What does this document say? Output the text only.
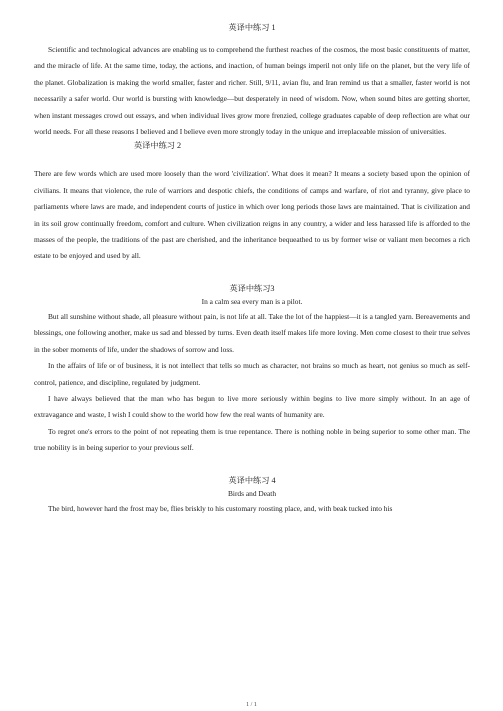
英译中练习 1

Scientific and technological advances are enabling us to comprehend the furthest reaches of the cosmos, the most basic constituents of matter, and the miracle of life. At the same time, today, the actions, and inaction, of human beings imperil not only life on the planet, but the very life of the planet. Globalization is making the world smaller, faster and richer. Still, 9/11, avian flu, and Iran remind us that a smaller, faster world is not necessarily a safer world. Our world is bursting with knowledge—but desperately in need of wisdom. Now, when sound bites are getting shorter, when instant messages crowd out essays, and when individual lives grow more frenzied, college graduates capable of deep reflection are what our world needs. For all these reasons I believed and I believe even more strongly today in the unique and irreplaceable mission of universities.

英译中练习 2

There are few words which are used more loosely than the word 'civilization'. What does it mean? It means a society based upon the opinion of civilians. It means that violence, the rule of warriors and despotic chiefs, the conditions of camps and warfare, of riot and tyranny, give place to parliaments where laws are made, and independent courts of justice in which over long periods those laws are maintained. That is civilization and in its soil grow continually freedom, comfort and culture. When civilization reigns in any country, a wider and less harassed life is afforded to the masses of the people, the traditions of the past are cherished, and the inheritance bequeathed to us by former wise or valiant men becomes a rich estate to be enjoyed and used by all.

英译中练习3

In a calm sea every man is a pilot.

But all sunshine without shade, all pleasure without pain, is not life at all. Take the lot of the happiest—it is a tangled yarn. Bereavements and blessings, one following another, make us sad and blessed by turns. Even death itself makes life more loving. Men come closest to their true selves in the sober moments of life, under the shadows of sorrow and loss.

In the affairs of life or of business, it is not intellect that tells so much as character, not brains so much as heart, not genius so much as self-control, patience, and discipline, regulated by judgment.

I have always believed that the man who has begun to live more seriously within begins to live more simply without. In an age of extravagance and waste, I wish I could show to the world how few the real wants of humanity are.

To regret one's errors to the point of not repeating them is true repentance. There is nothing noble in being superior to some other man. The true nobility is in being superior to your previous self.

英译中练习 4

Birds and Death

The bird, however hard the frost may be, flies briskly to his customary roosting place, and, with beak tucked into his

1 / 1
